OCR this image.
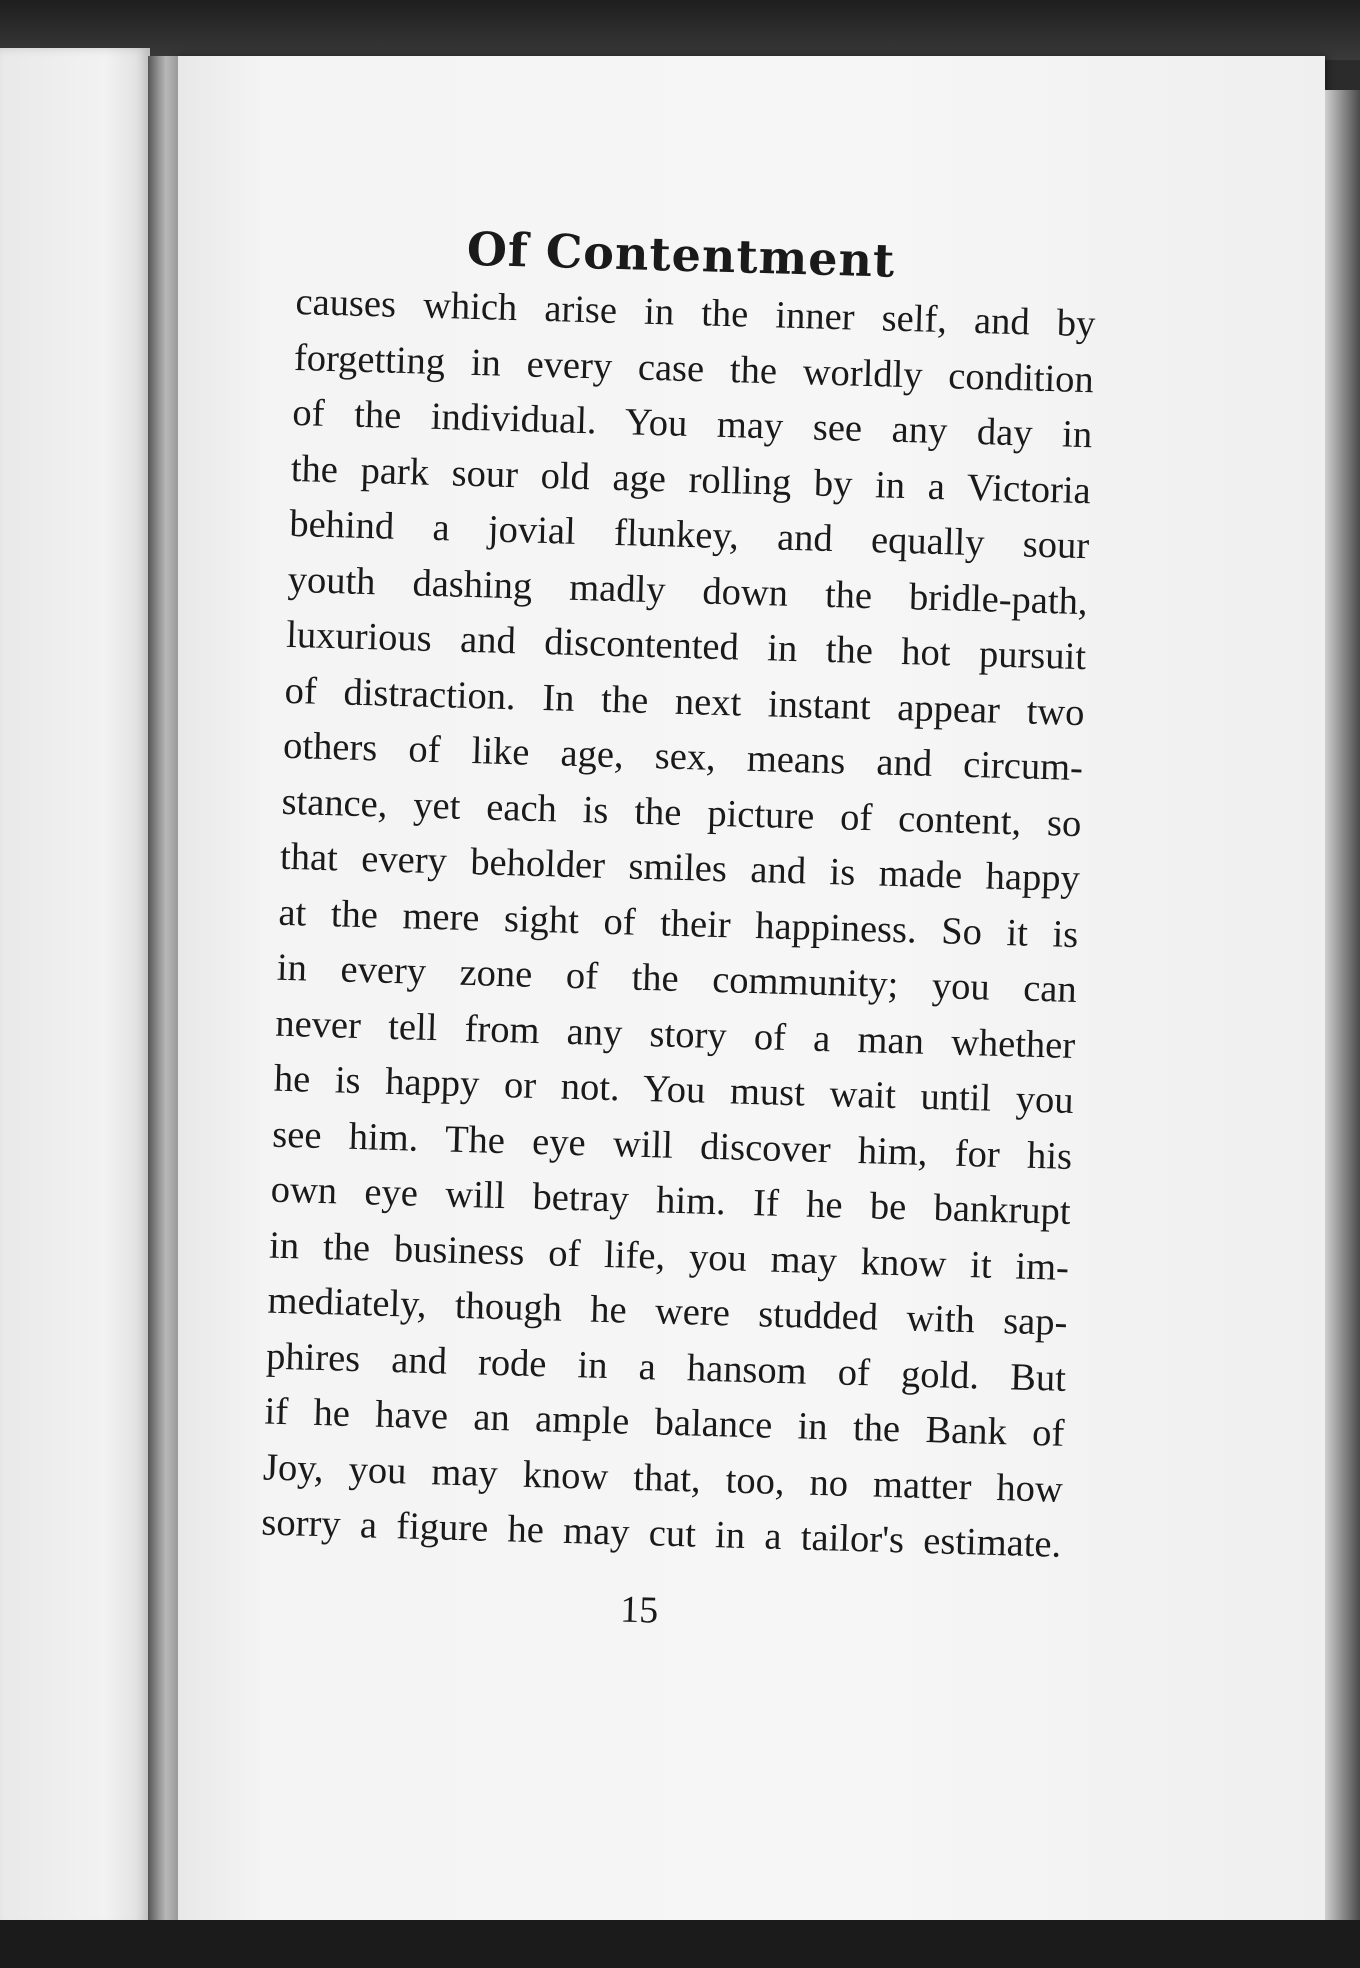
Of Contentment
causes which arise in the inner self, and by
forgetting in every case the worldly condition
of the individual. You may see any day in
the park sour old age rolling by in a Victoria
behind a jovial flunkey, and equally sour
youth dashing madly down the bridle-path,
luxurious and discontented in the hot pursuit
of distraction. In the next instant appear two
others of like age, sex, means and circum-
stance, yet each is the picture of content, so
that every beholder smiles and is made happy
at the mere sight of their happiness. So it is
in every zone of the community; you can
never tell from any story of a man whether
he is happy or not. You must wait until you
see him. The eye will discover him, for his
own eye will betray him. If he be bankrupt
in the business of life, you may know it im-
mediately, though he were studded with sap-
phires and rode in a hansom of gold. But
if he have an ample balance in the Bank of
Joy, you may know that, too, no matter how
sorry a figure he may cut in a tailor's estimate.
15
